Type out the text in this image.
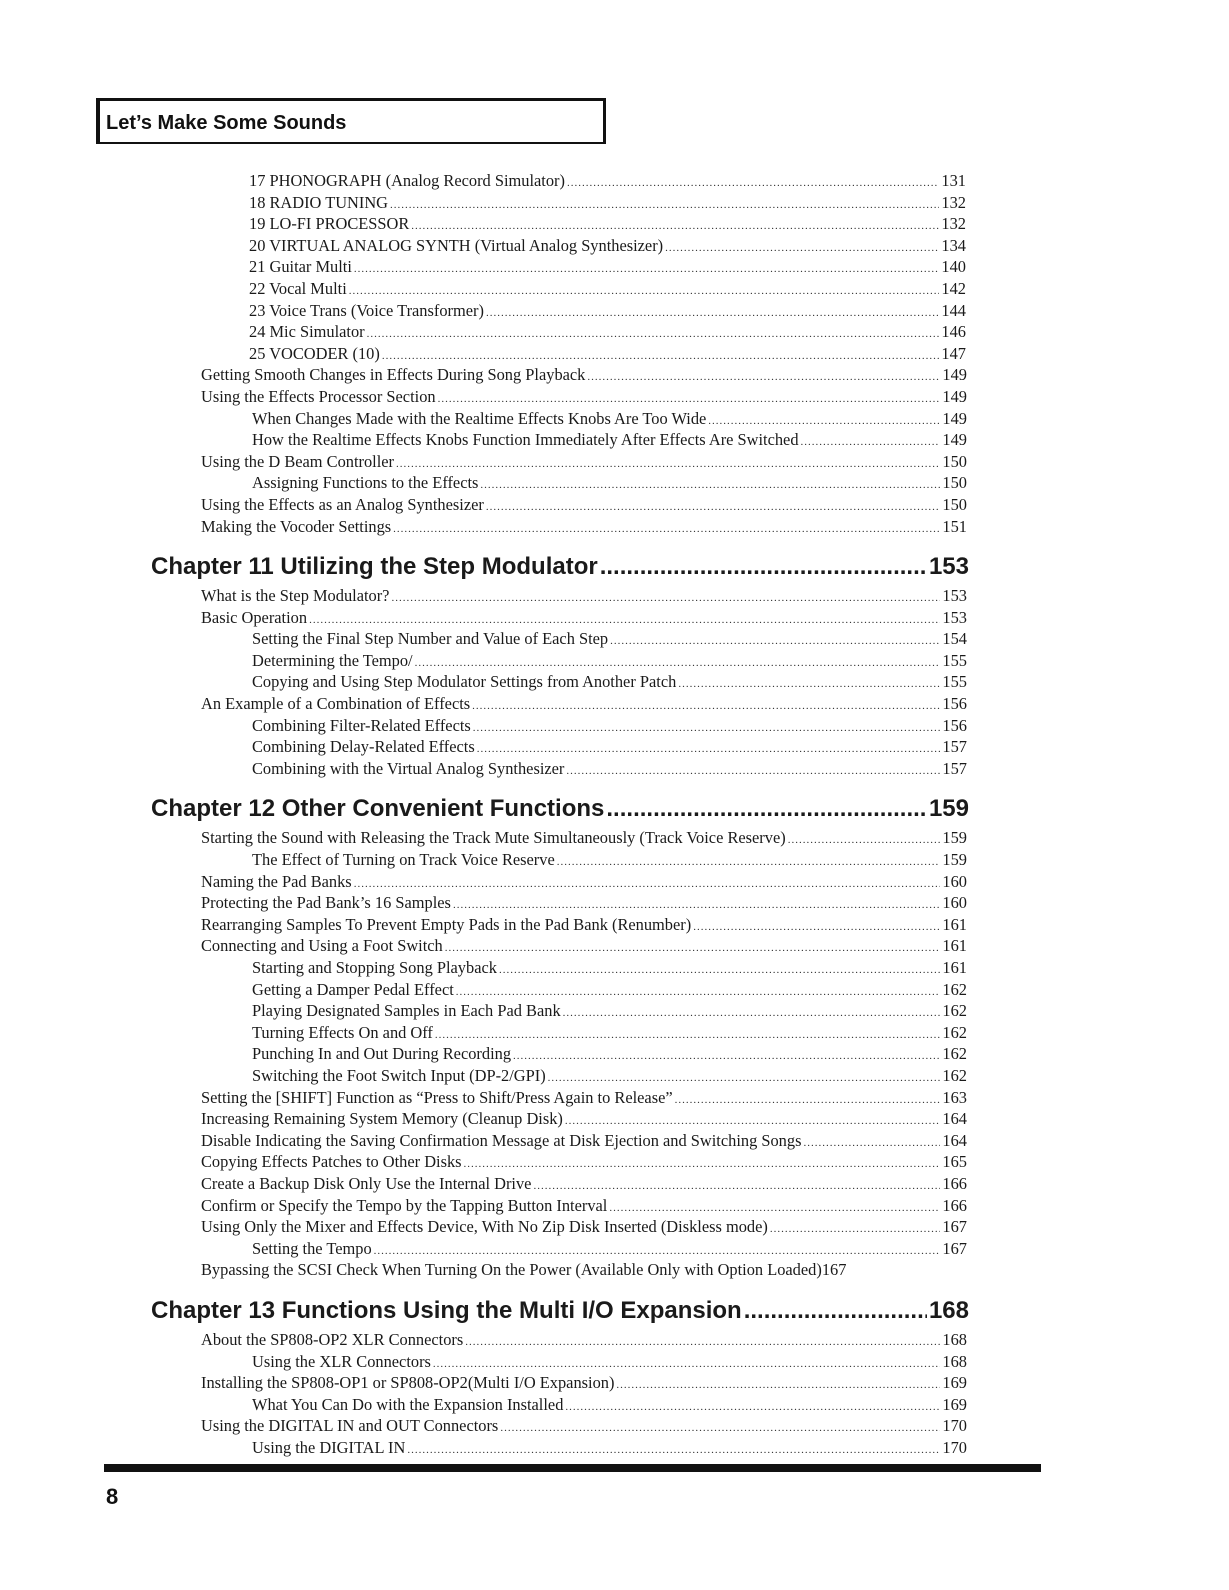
Let’s Make Some Sounds
17 PHONOGRAPH (Analog Record Simulator) .....	131
18 RADIO TUNING .....	132
19 LO-FI PROCESSOR .....	132
20 VIRTUAL ANALOG SYNTH (Virtual Analog Synthesizer) .....	134
21 Guitar Multi .....	140
22 Vocal Multi .....	142
23 Voice Trans (Voice Transformer) .....	144
24 Mic Simulator .....	146
25 VOCODER (10) .....	147
Getting Smooth Changes in Effects During Song Playback .....	149
Using the Effects Processor Section .....	149
When Changes Made with the Realtime Effects Knobs Are Too Wide .....	149
How the Realtime Effects Knobs Function Immediately After Effects Are Switched .....	149
Using the D Beam Controller .....	150
Assigning Functions to the Effects .....	150
Using the Effects as an Analog Synthesizer .....	150
Making the Vocoder Settings .....	151
Chapter 11 Utilizing the Step Modulator .....	153
What is the Step Modulator? .....	153
Basic Operation .....	153
Setting the Final Step Number and Value of Each Step .....	154
Determining the Tempo/ .....	155
Copying and Using Step Modulator Settings from Another Patch .....	155
An Example of a Combination of Effects .....	156
Combining Filter-Related Effects .....	156
Combining Delay-Related Effects .....	157
Combining with the Virtual Analog Synthesizer .....	157
Chapter 12 Other Convenient Functions .....	159
Starting the Sound with Releasing the Track Mute Simultaneously (Track Voice Reserve) .....	159
The Effect of Turning on Track Voice Reserve .....	159
Naming the Pad Banks .....	160
Protecting the Pad Bank’s 16 Samples .....	160
Rearranging Samples To Prevent Empty Pads in the Pad Bank (Renumber) .....	161
Connecting and Using a Foot Switch .....	161
Starting and Stopping Song Playback .....	161
Getting a Damper Pedal Effect .....	162
Playing Designated Samples in Each Pad Bank .....	162
Turning Effects On and Off .....	162
Punching In and Out During Recording .....	162
Switching the Foot Switch Input (DP-2/GPI) .....	162
Setting the [SHIFT] Function as “Press to Shift/Press Again to Release” .....	163
Increasing Remaining System Memory (Cleanup Disk) .....	164
Disable Indicating the Saving Confirmation Message at Disk Ejection and Switching Songs .....	164
Copying Effects Patches to Other Disks .....	165
Create a Backup Disk Only Use the Internal Drive .....	166
Confirm or Specify the Tempo by the Tapping Button Interval .....	166
Using Only the Mixer and Effects Device, With No Zip Disk Inserted (Diskless mode) .....	167
Setting the Tempo .....	167
Bypassing the SCSI Check When Turning On the Power (Available Only with Option Loaded) 167
Chapter 13 Functions Using the Multi I/O Expansion .....	168
About the SP808-OP2 XLR Connectors .....	168
Using the XLR Connectors .....	168
Installing the SP808-OP1 or SP808-OP2(Multi I/O Expansion) .....	169
What You Can Do with the Expansion Installed .....	169
Using the DIGITAL IN and OUT Connectors .....	170
Using the DIGITAL IN .....	170
8
